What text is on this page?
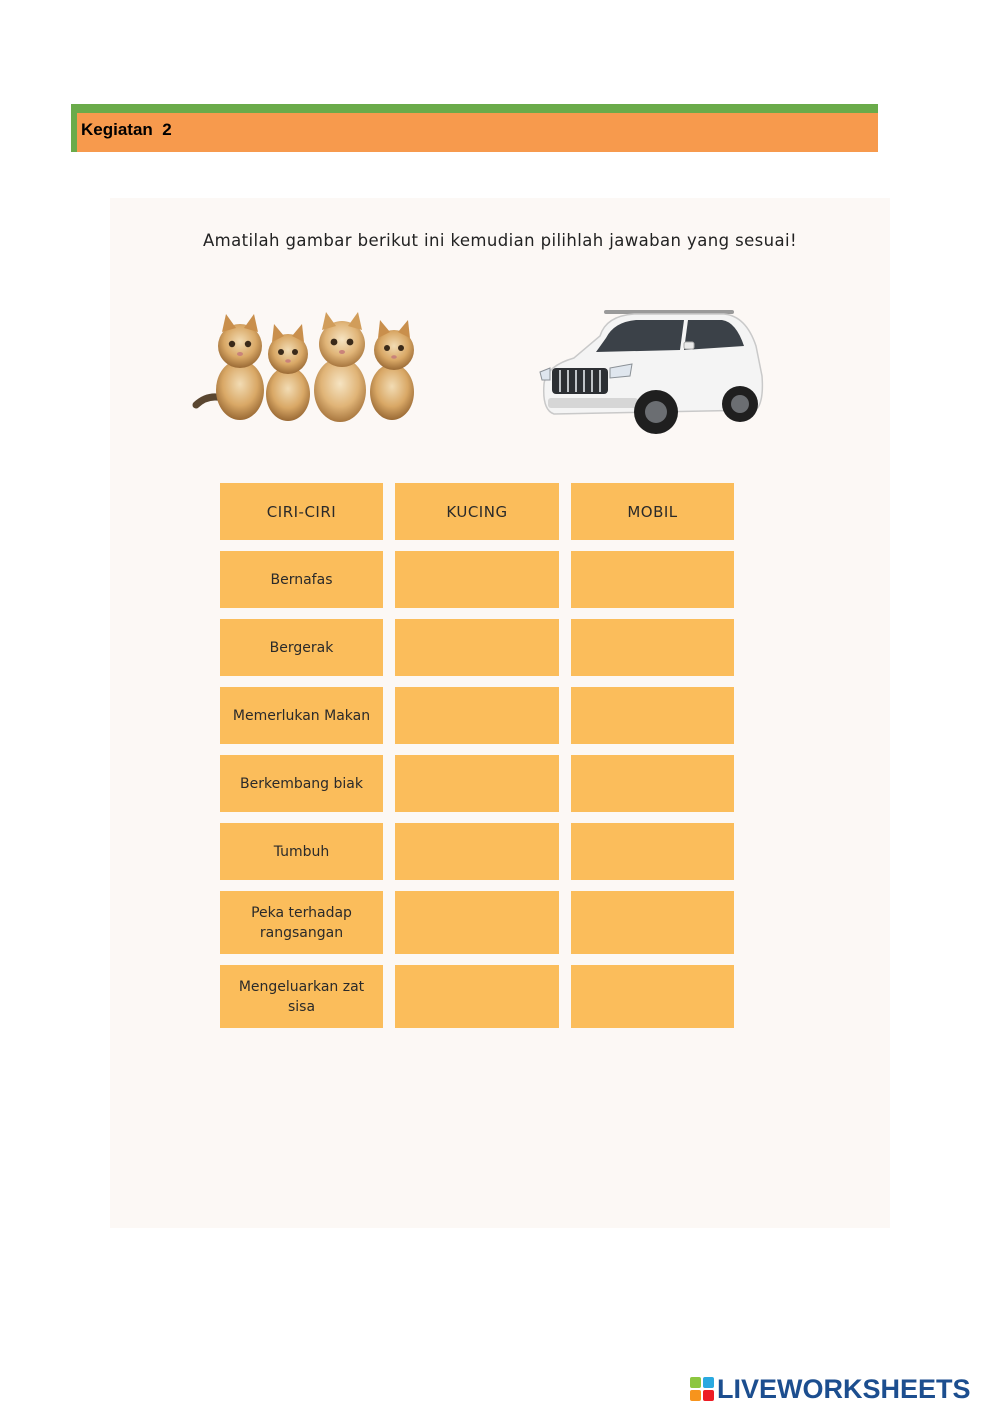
Kegiatan  2
Amatilah gambar berikut ini kemudian pilihlah jawaban yang sesuai!
CIRI-CIRI	KUCING	MOBIL
Bernafas
Bergerak
Memerlukan Makan
Berkembang biak
Tumbuh
Peka terhadap rangsangan
Mengeluarkan zat sisa
LIVEWORKSHEETS
